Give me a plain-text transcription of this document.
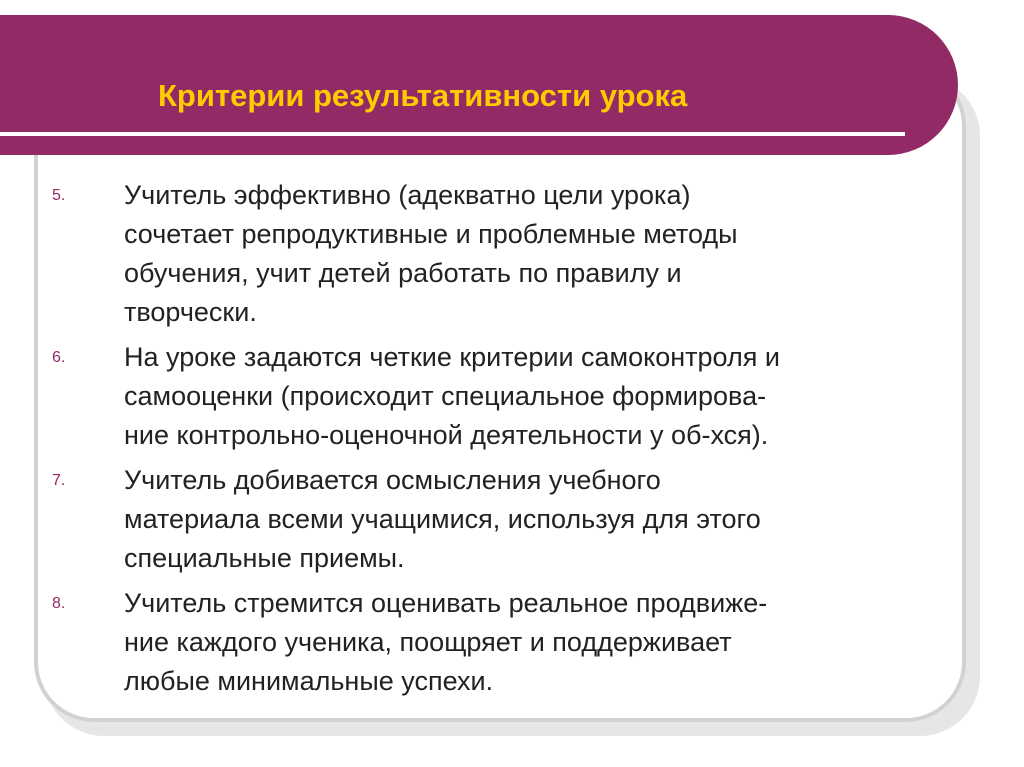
Критерии результативности урока
5.	Учитель эффективно (адекватно цели урока)
сочетает репродуктивные и проблемные методы
обучения, учит детей работать по правилу и
творчески.
6.	На уроке задаются четкие критерии самоконтроля и
самооценки (происходит специальное формирова-
ние контрольно-оценочной деятельности у об-хся).
7.	Учитель добивается осмысления учебного
материала всеми учащимися, используя для этого
специальные приемы.
8.	Учитель стремится оценивать реальное продвиже-
ние каждого ученика, поощряет и поддерживает
любые минимальные успехи.
